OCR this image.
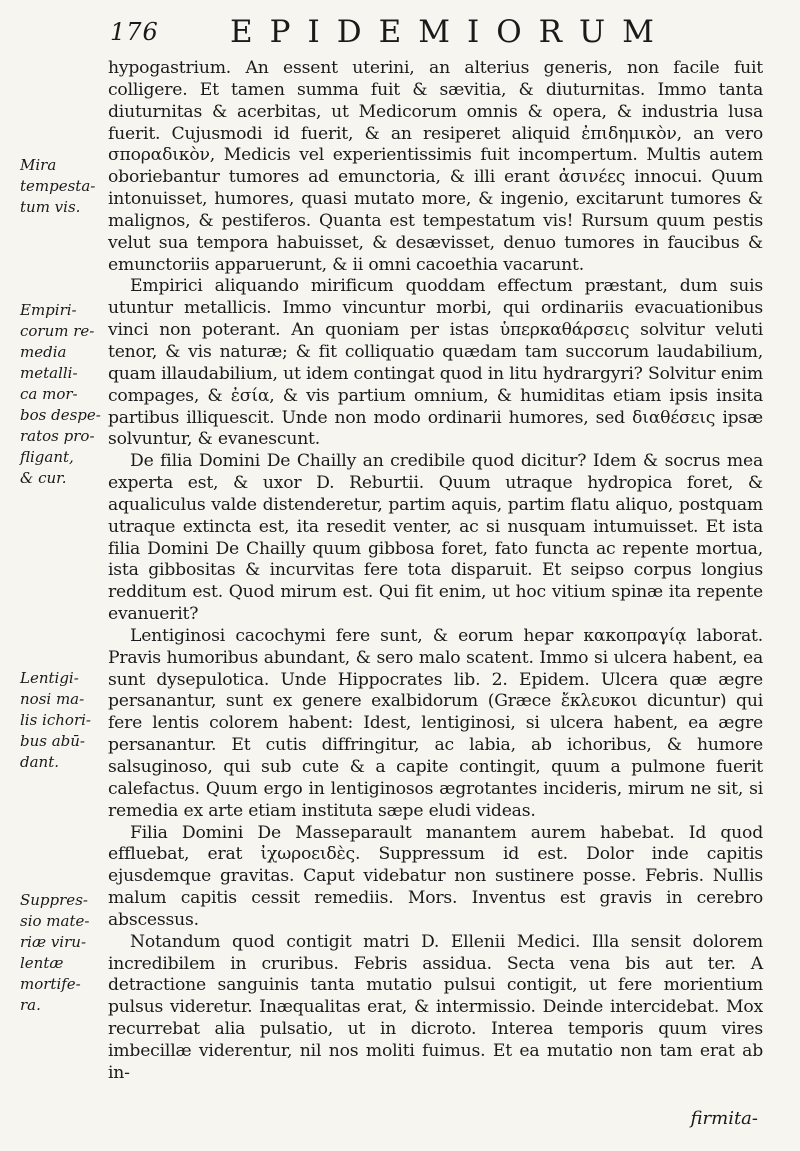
176 EPIDEMIORUM
Mira
tempesta-
tum vis.
Empiri-
corum re-
media
metalli-
ca mor-
bos despe-
ratos pro-
fligant,
& cur.
Lentigi-
nosi ma-
lis ichori-
bus abū-
dant.
Suppres-
sio mate-
riæ viru-
lentæ
mortife-
ra.

hypogastrium. An essent uterini, an alterius generis, non facile fuit colligere. Et tamen summa fuit & sævitia, & diuturnitas. Immo tanta diuturnitas & acerbitas, ut Medicorum omnis & opera, & industria lusa fuerit. Cujusmodi id fuerit, & an resiperet aliquid ἐπιδημικὸν, an vero σποραδικὸν, Medicis vel experientissimis fuit incompertum. Multis autem oboriebantur tumores ad emunctoria, & illi erant ἀσινέες innocui. Quum intonuisset, humores, quasi mutato more, & ingenio, excitarunt tumores & malignos, & pestiferos. Quanta est tempestatum vis! Rursum quum pestis velut sua tempora habuisset, & desævisset, denuo tumores in faucibus & emunctoriis apparuerunt, & ii omni cacoethia vacarunt.

Empirici aliquando mirificum quoddam effectum præstant, dum suis utuntur metallicis. Immo vincuntur morbi, qui ordinariis evacuationibus vinci non poterant. An quoniam per istas ὑπερκαθάρσεις solvitur veluti tenor, & vis naturæ; & fit colliquatio quædam tam succorum laudabilium, quam illaudabilium, ut idem contingat quod in litu hydrargyri? Solvitur enim compages, & ἐσία, & vis partium omnium, & humiditas etiam ipsis insita partibus illiquescit. Unde non modo ordinarii humores, sed διαθέσεις ipsæ solvuntur, & evanescunt.

De filia Domini De Chailly an credibile quod dicitur? Idem & socrus mea experta est, & uxor D. Reburtii. Quum utraque hydropica foret, & aqualiculus valde distenderetur, partim aquis, partim flatu aliquo, postquam utraque extincta est, ita resedit venter, ac si nusquam intumuisset. Et ista filia Domini De Chailly quum gibbosa foret, fato functa ac repente mortua, ista gibbositas & incurvitas fere tota disparuit. Et seipso corpus longius redditum est. Quod mirum est. Qui fit enim, ut hoc vitium spinæ ita repente evanuerit?

Lentiginosi cacochymi fere sunt, & eorum hepar κακοπραγίᾳ laborat. Pravis humoribus abundant, & sero malo scatent. Immo si ulcera habent, ea sunt dysepulotica. Unde Hippocrates lib. 2. Epidem. Ulcera quæ ægre persanantur, sunt ex genere exalbidorum (Græce ἔκλευκοι dicuntur) qui fere lentis colorem habent: Idest, lentiginosi, si ulcera habent, ea ægre persanantur. Et cutis diffringitur, ac labia, ab ichoribus, & humore salsuginoso, qui sub cute & a capite contingit, quum a pulmone fuerit calefactus. Quum ergo in lentiginosos ægrotantes incideris, mirum ne sit, si remedia ex arte etiam instituta sæpe eludi videas.

Filia Domini De Masseparault manantem aurem habebat. Id quod effluebat, erat ἰχωροειδὲς. Suppressum id est. Dolor inde capitis ejusdemque gravitas. Caput videbatur non sustinere posse. Febris. Nullis malum capitis cessit remediis. Mors. Inventus est gravis in cerebro abscessus.

Notandum quod contigit matri D. Ellenii Medici. Illa sensit dolorem incredibilem in cruribus. Febris assidua. Secta vena bis aut ter. A detractione sanguinis tanta mutatio pulsui contigit, ut fere morientium pulsus videretur. Inæqualitas erat, & intermissio. Deinde intercidebat. Mox recurrebat alia pulsatio, ut in dicroto. Interea temporis quum vires imbecillæ viderentur, nil nos moliti fuimus. Et ea mutatio non tam erat ab in-

firmita-
